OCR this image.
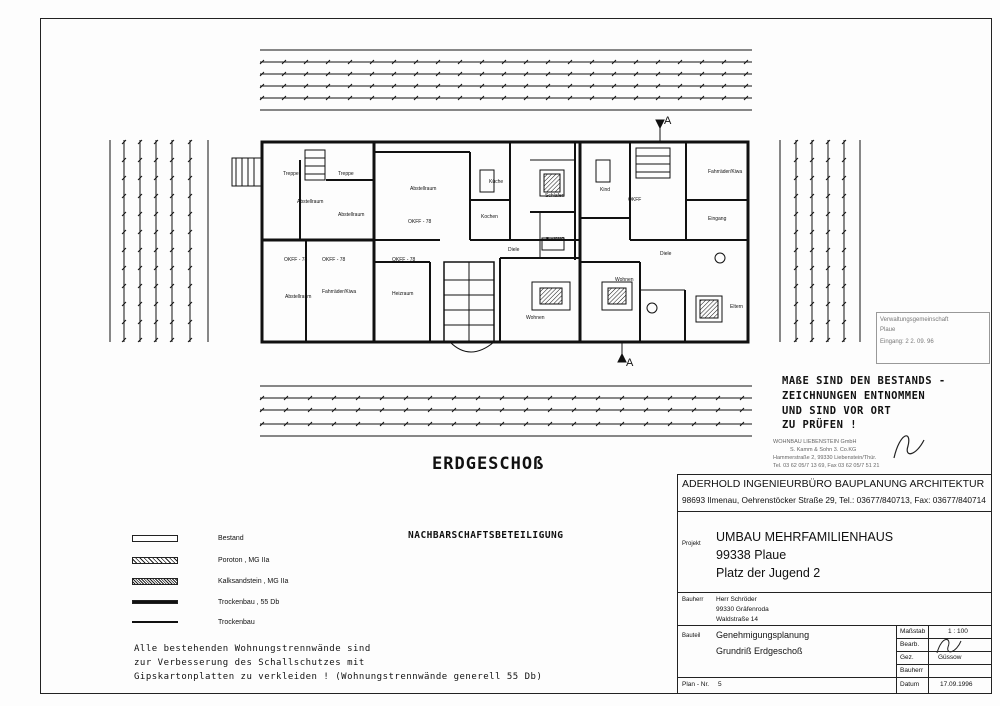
A
A
Treppe	Treppe
Abstellraum
Abstellraum
Abstellraum
OKFF - 78
OKFF - 78	OKFF - 78	OKFF - 78
Abstellraum
Fahrräder/Kiwa	Heizraum
Küche
Kochen
Schlafen
Kind
Diele
Bad/WC
Wohnen
Wohnen
Diele
Fahrräder/Kiwa
Eingang
Eltern
OKFF
ERDGESCHOß
MAßE SIND DEN BESTANDS -
ZEICHNUNGEN ENTNOMMEN
UND SIND VOR ORT
ZU PRÜFEN !
Verwaltungsgemeinschaft
Plaue
Eingang: 2 2. 09. 96
WOHNBAU LIEBENSTEIN GmbH
S. Kamm & Sohn 3. Co.KG
Hammerstraße 2, 99330 Liebenstein/Thür.
Tel. 03 62 05/7 13 69, Fax 03 62 05/7 51 21
NACHBARSCHAFTSBETEILIGUNG
Bestand
Poroton , MG IIa
Kalksandstein , MG IIa
Trockenbau , 55 Db
Trockenbau
Alle bestehenden Wohnungstrennwände sind
zur Verbesserung des Schallschutzes mit
Gipskartonplatten zu verkleiden ! (Wohnungstrennwände generell 55 Db)
ADERHOLD INGENIEURBÜRO BAUPLANUNG ARCHITEKTUR
98693 Ilmenau, Oehrenstöcker Straße 29, Tel.: 03677/840713, Fax: 03677/840714
Projekt UMBAU MEHRFAMILIENHAUS
99338 Plaue
Platz der Jugend 2
Bauherr Herr Schröder
99330 Gräfenroda
Waldstraße 14
Bauteil Genehmigungsplanung
Grundriß Erdgeschoß
Maßstab	1 : 100
Bearb.
Gez.	Güssow
Bauherr
Plan - Nr. 5	Datum	17.09.1996
